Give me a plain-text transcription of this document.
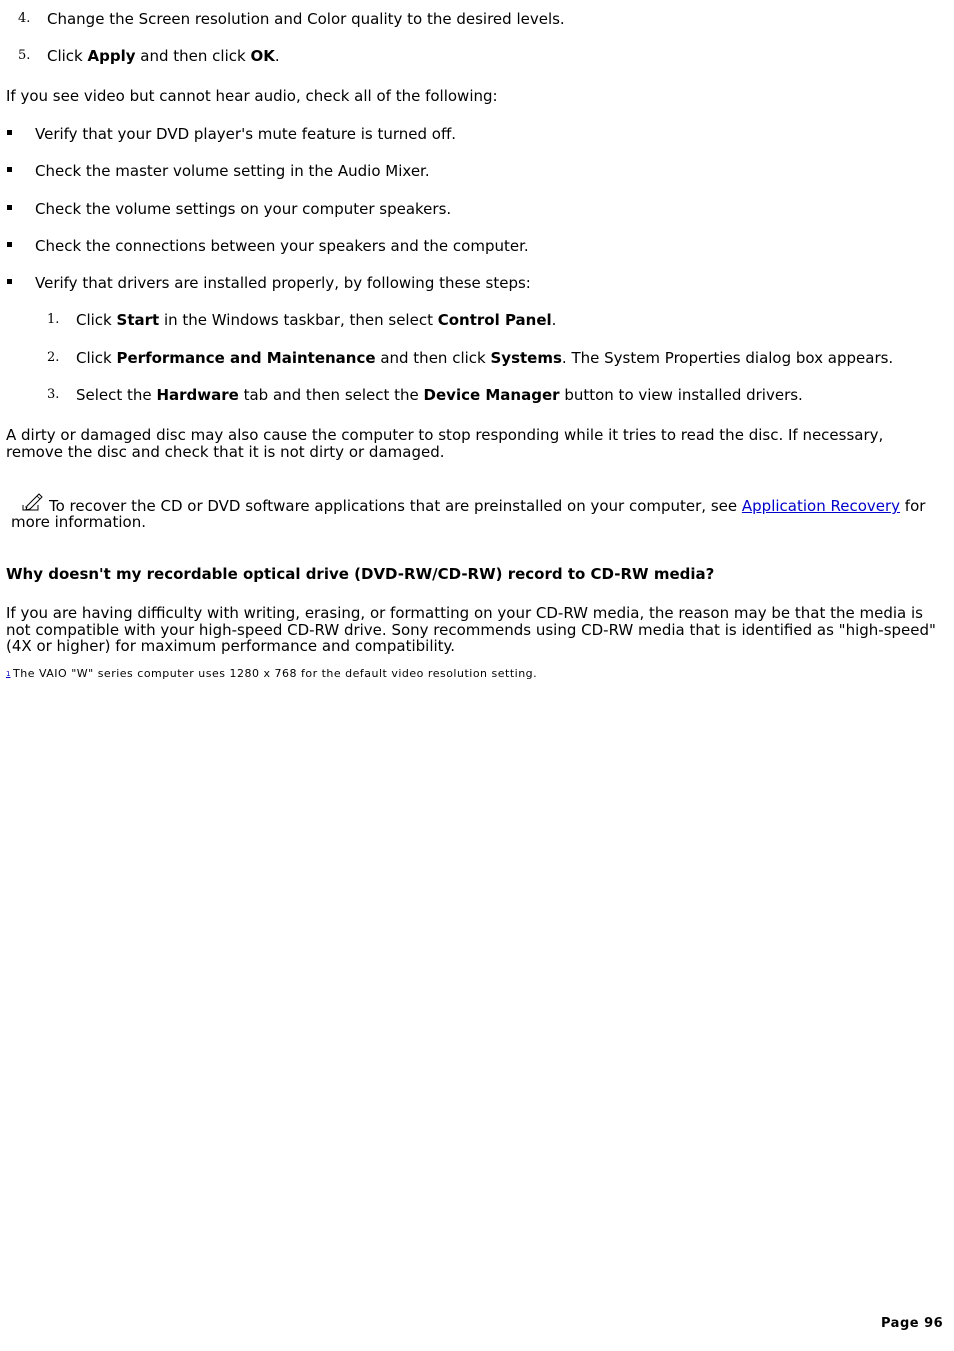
4. Change the Screen resolution and Color quality to the desired levels.
5. Click Apply and then click OK.
If you see video but cannot hear audio, check all of the following:
Verify that your DVD player's mute feature is turned off.
Check the master volume setting in the Audio Mixer.
Check the volume settings on your computer speakers.
Check the connections between your speakers and the computer.
Verify that drivers are installed properly, by following these steps:
1. Click Start in the Windows taskbar, then select Control Panel.
2. Click Performance and Maintenance and then click Systems. The System Properties dialog box appears.
3. Select the Hardware tab and then select the Device Manager button to view installed drivers.
A dirty or damaged disc may also cause the computer to stop responding while it tries to read the disc. If necessary,
remove the disc and check that it is not dirty or damaged.
To recover the CD or DVD software applications that are preinstalled on your computer, see Application Recovery for
more information.
Why doesn't my recordable optical drive (DVD-RW/CD-RW) record to CD-RW media?
If you are having difficulty with writing, erasing, or formatting on your CD-RW media, the reason may be that the media is
not compatible with your high-speed CD-RW drive. Sony recommends using CD-RW media that is identified as "high-speed"
(4X or higher) for maximum performance and compatibility.
1 The VAIO "W" series computer uses 1280 x 768 for the default video resolution setting.
Page 96
